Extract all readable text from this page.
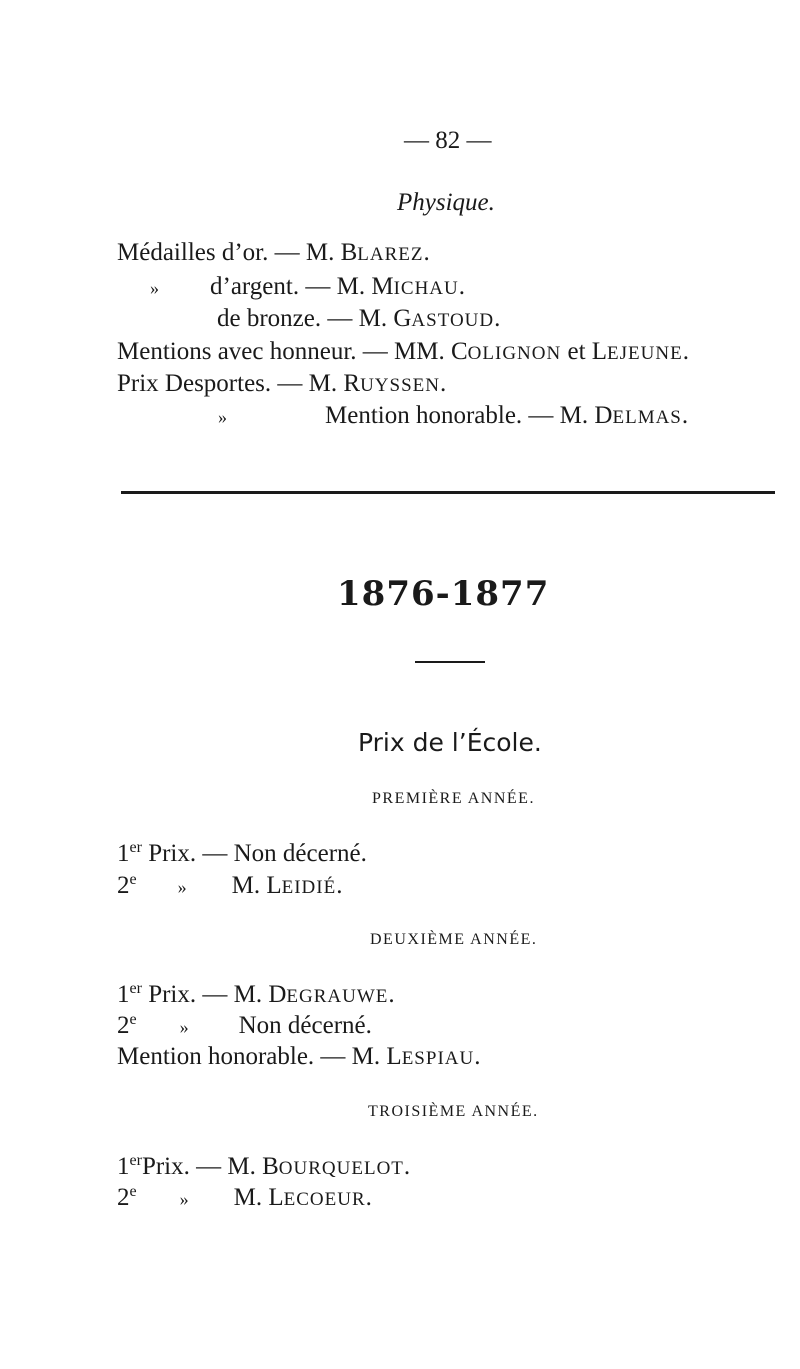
— 82 —
Physique.
Médailles d’or. — M. BLAREZ.
» d’argent. — M. MICHAU.
de bronze. — M. GASTOUD.
Mentions avec honneur. — MM. COLIGNON et LEJEUNE.
Prix Desportes. — M. RUYSSEN.
»	Mention honorable. — M. DELMAS.
1876-1877
Prix de l’École.
PREMIÈRE ANNÉE.
1er Prix. — Non décerné.
2e » M. LEIDIÉ.
DEUXIÈME ANNÉE.
1er Prix. — M. DEGRAUWE.
2e » Non décerné.
Mention honorable. — M. LESPIAU.
TROISIÈME ANNÉE.
1erPrix. — M. BOURQUELOT.
2e » M. LECOEUR.
